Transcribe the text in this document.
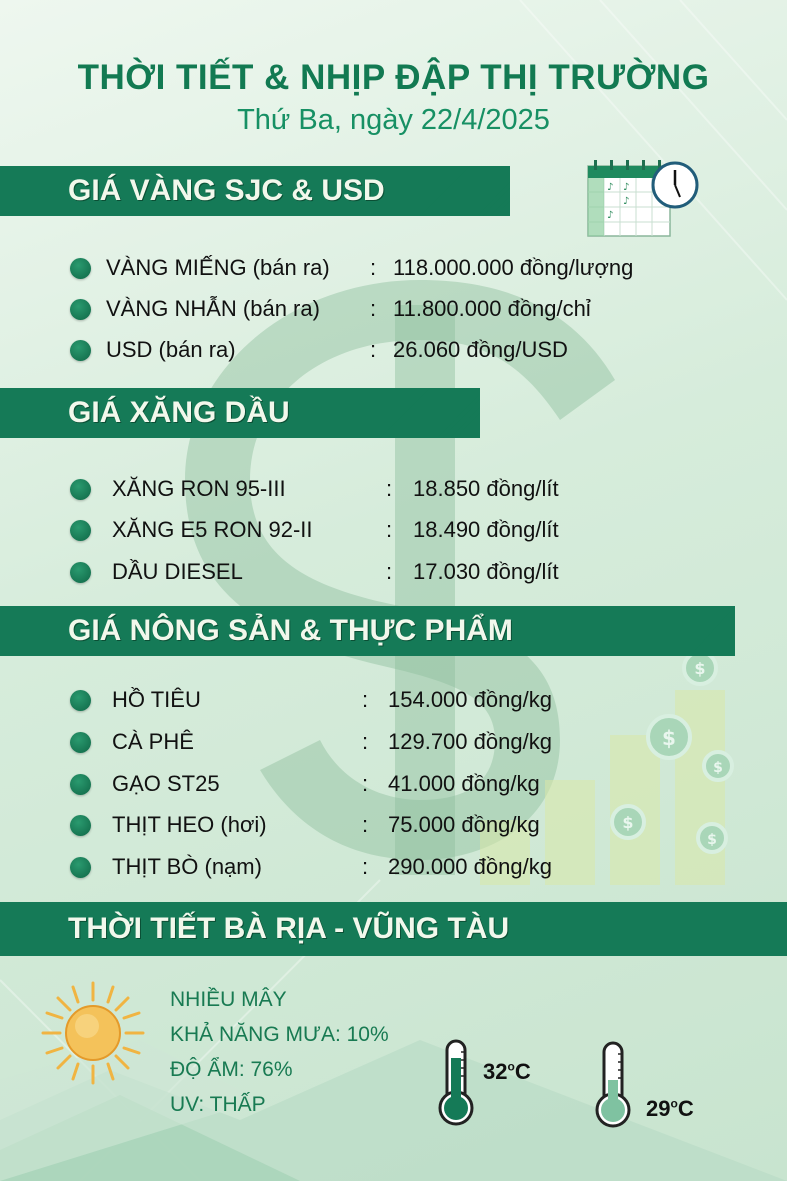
$
$
$
$
$
THỜI TIẾT & NHỊP ĐẬP THỊ TRƯỜNG
Thứ Ba, ngày 22/4/2025
♪ ♪
♪
♪
GIÁ VÀNG SJC & USD
VÀNG MIẾNG (bán ra) : 118.000.000 đồng/lượng
VÀNG NHẪN (bán ra) : 11.800.000 đồng/chỉ
USD (bán ra)	: 26.060 đồng/USD
GIÁ XĂNG DẦU
XĂNG RON 95-III	: 18.850 đồng/lít
XĂNG E5 RON 92-II	: 18.490 đồng/lít
DẦU DIESEL	: 17.030 đồng/lít
GIÁ NÔNG SẢN & THỰC PHẨM
HỒ TIÊU	: 154.000 đồng/kg
CÀ PHÊ	: 129.700 đồng/kg
GẠO ST25	: 41.000 đồng/kg
THỊT HEO (hơi)	: 75.000 đồng/kg
THỊT BÒ (nạm)	: 290.000 đồng/kg
THỜI TIẾT BÀ RỊA - VŨNG TÀU
NHIỀU MÂY
KHẢ NĂNG MƯA: 10%
ĐỘ ẨM: 76%
UV: THẤP
32$^o$C
29$^o$C
